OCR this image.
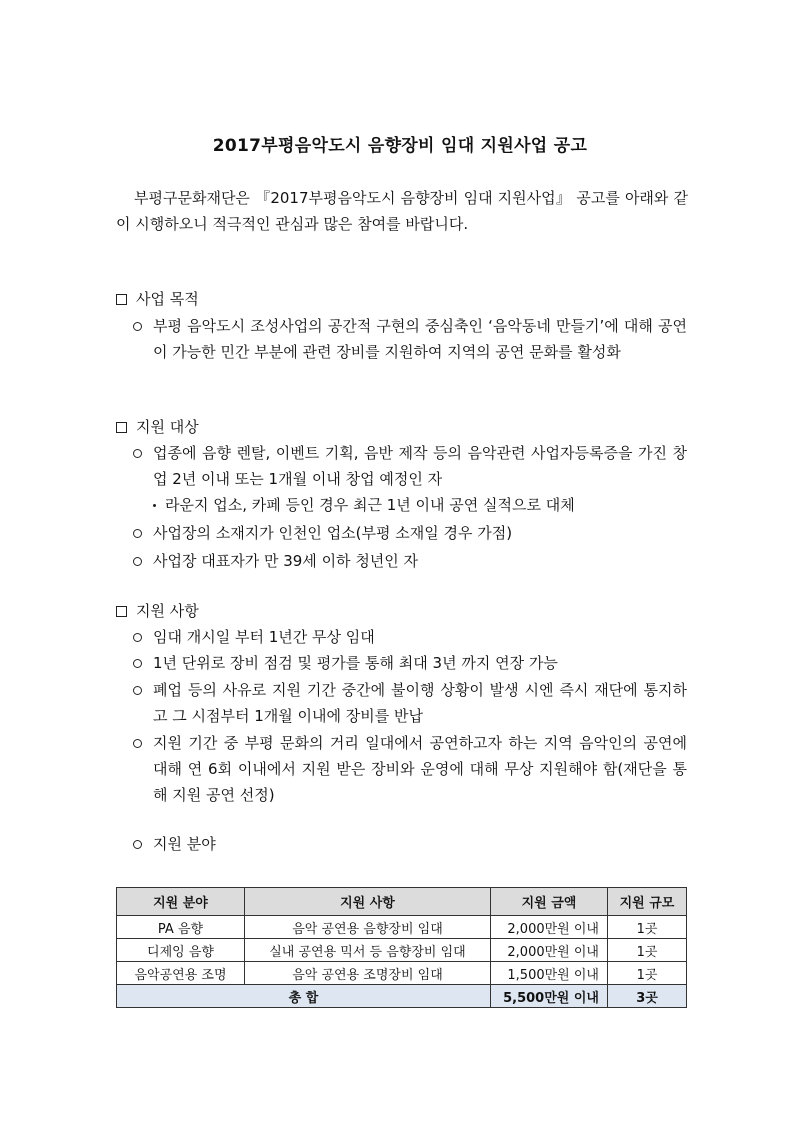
2017부평음악도시 음향장비 임대 지원사업 공고
부평구문화재단은 『2017부평음악도시 음향장비 임대 지원사업』 공고를 아래와 같이 시행하오니 적극적인 관심과 많은 참여를 바랍니다.
사업 목적
부평 음악도시 조성사업의 공간적 구현의 중심축인 ‘음악동네 만들기’에 대해 공연이 가능한 민간 부분에 관련 장비를 지원하여 지역의 공연 문화를 활성화
지원 대상
업종에 음향 렌탈, 이벤트 기획, 음반 제작 등의 음악관련 사업자등록증을 가진 창업 2년 이내 또는 1개월 이내 창업 예정인 자
라운지 업소, 카페 등인 경우 최근 1년 이내 공연 실적으로 대체
사업장의 소재지가 인천인 업소(부평 소재일 경우 가점)
사업장 대표자가 만 39세 이하 청년인 자
지원 사항
임대 개시일 부터 1년간 무상 임대
1년 단위로 장비 점검 및 평가를 통해 최대 3년 까지 연장 가능
폐업 등의 사유로 지원 기간 중간에 불이행 상황이 발생 시엔 즉시 재단에 통지하고 그 시점부터 1개월 이내에 장비를 반납
지원 기간 중 부평 문화의 거리 일대에서 공연하고자 하는 지역 음악인의 공연에 대해 연 6회 이내에서 지원 받은 장비와 운영에 대해 무상 지원해야 함(재단을 통해 지원 공연 선정)
지원 분야
지원 분야	지원 사항	지원 금액	지원 규모
PA 음향	음악 공연용 음향장비 임대	2,000만원 이내	1곳
디제잉 음향	실내 공연용 믹서 등 음향장비 임대	2,000만원 이내	1곳
음악공연용 조명	음악 공연용 조명장비 임대	1,500만원 이내	1곳
총 합		5,500만원 이내	3곳
